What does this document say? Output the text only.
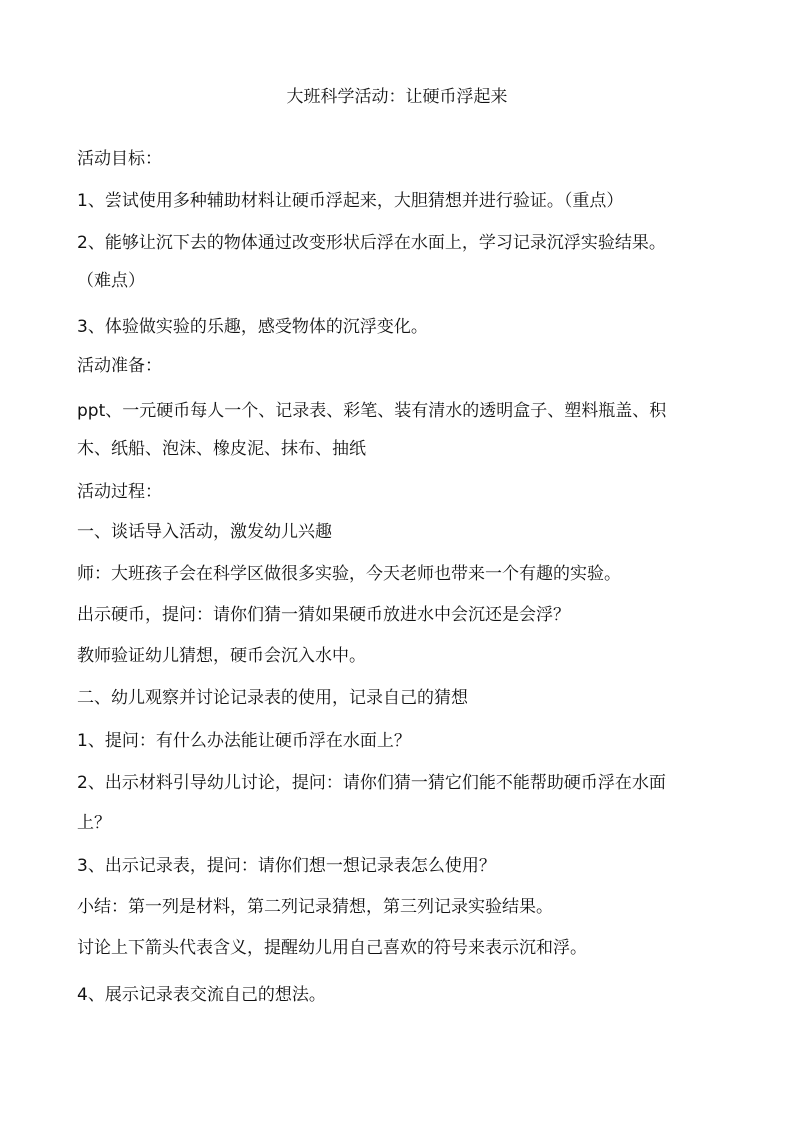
大班科学活动：让硬币浮起来

活动目标：

1、尝试使用多种辅助材料让硬币浮起来，大胆猜想并进行验证。（重点）

2、能够让沉下去的物体通过改变形状后浮在水面上，学习记录沉浮实验结果。

（难点）

3、体验做实验的乐趣，感受物体的沉浮变化。

活动准备：

ppt、一元硬币每人一个、记录表、彩笔、装有清水的透明盒子、塑料瓶盖、积

木、纸船、泡沫、橡皮泥、抹布、抽纸

活动过程：

一、谈话导入活动，激发幼儿兴趣

师：大班孩子会在科学区做很多实验，今天老师也带来一个有趣的实验。

出示硬币，提问：请你们猜一猜如果硬币放进水中会沉还是会浮？

教师验证幼儿猜想，硬币会沉入水中。

二、幼儿观察并讨论记录表的使用，记录自己的猜想

1、提问：有什么办法能让硬币浮在水面上？

2、出示材料引导幼儿讨论，提问：请你们猜一猜它们能不能帮助硬币浮在水面

上？

3、出示记录表，提问：请你们想一想记录表怎么使用？

小结：第一列是材料，第二列记录猜想，第三列记录实验结果。

讨论上下箭头代表含义，提醒幼儿用自己喜欢的符号来表示沉和浮。

4、展示记录表交流自己的想法。
